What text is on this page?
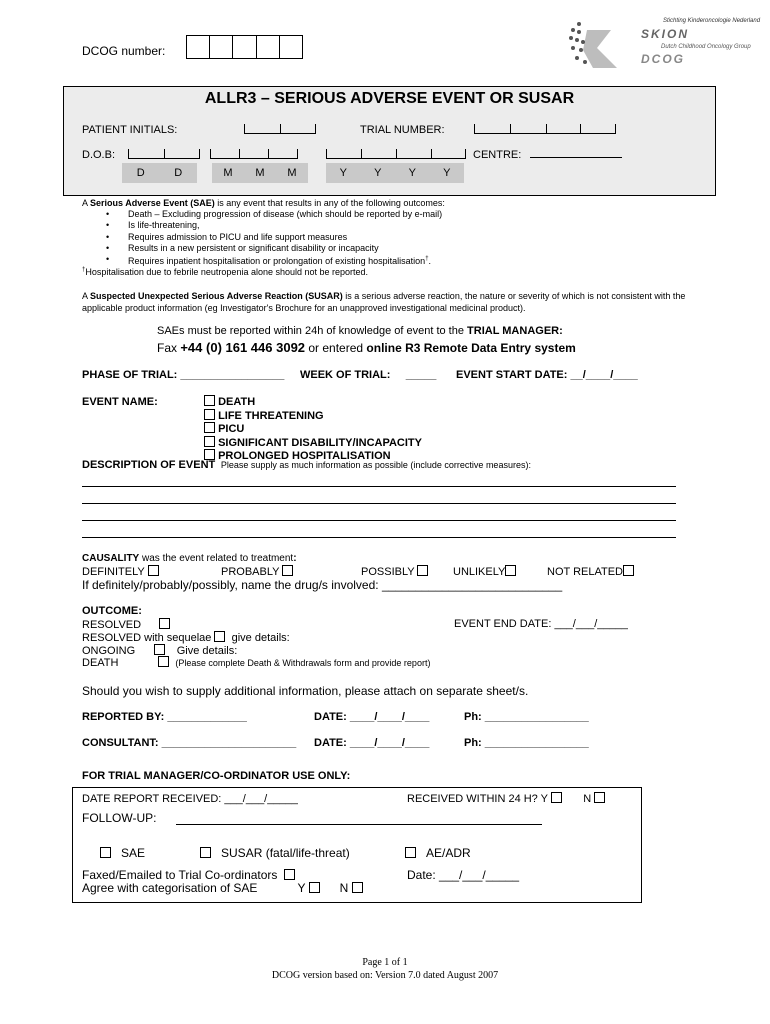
DCOG number:
Stichting Kinderoncologie Nederland
SKION
Dutch Childhood Oncology Group
DCOG
ALLR3 – SERIOUS ADVERSE EVENT OR SUSAR
PATIENT INITIALS:	TRIAL NUMBER:
D.O.B:	CENTRE:
D	D	M M M	Y Y Y Y
A Serious Adverse Event (SAE) is any event that results in any of the following outcomes:
• Death – Excluding progression of disease (which should be reported by e-mail)
• Is life-threatening,
• Requires admission to PICU and life support measures
• Results in a new persistent or significant disability or incapacity
• Requires inpatient hospitalisation or prolongation of existing hospitalisation†.
†Hospitalisation due to febrile neutropenia alone should not be reported.
A Suspected Unexpected Serious Adverse Reaction (SUSAR) is a serious adverse reaction, the nature or severity of which is not consistent with the applicable product information (eg Investigator's Brochure for an unapproved investigational medicinal product).
SAEs must be reported within 24h of knowledge of event to the TRIAL MANAGER:
Fax +44 (0) 161 446 3092 or entered online R3 Remote Data Entry system
PHASE OF TRIAL: _________________ WEEK OF TRIAL: _____ EVENT START DATE: __/____/____
EVENT NAME:	DEATH
LIFE THREATENING
PICU
SIGNIFICANT DISABILITY/INCAPACITY
PROLONGED HOSPITALISATION
DESCRIPTION OF EVENT Please supply as much information as possible (include corrective measures):
CAUSALITY was the event related to treatment:
DEFINITELY	PROBABLY	POSSIBLY	UNLIKELY	NOT RELATED
If definitely/probably/possibly, name the drug/s involved: ___________________________
OUTCOME:
RESOLVED	EVENT END DATE: ___/___/_____
RESOLVED with sequelae give details:
ONGOING	Give details:
DEATH	(Please complete Death & Withdrawals form and provide report)
Should you wish to supply additional information, please attach on separate sheet/s.
REPORTED BY: _____________	DATE: ____/____/____	Ph: _________________
CONSULTANT: ______________________ DATE: ____/____/____	Ph: _________________
FOR TRIAL MANAGER/CO-ORDINATOR USE ONLY:
DATE REPORT RECEIVED: ___/___/_____	RECEIVED WITHIN 24 H? Y	N
FOLLOW-UP:
SAE	SUSAR (fatal/life-threat)	AE/ADR
Faxed/Emailed to Trial Co-ordinators	Date: ___/___/_____
Agree with categorisation of SAE	Y	N
Page 1 of 1
DCOG version based on: Version 7.0 dated August 2007
